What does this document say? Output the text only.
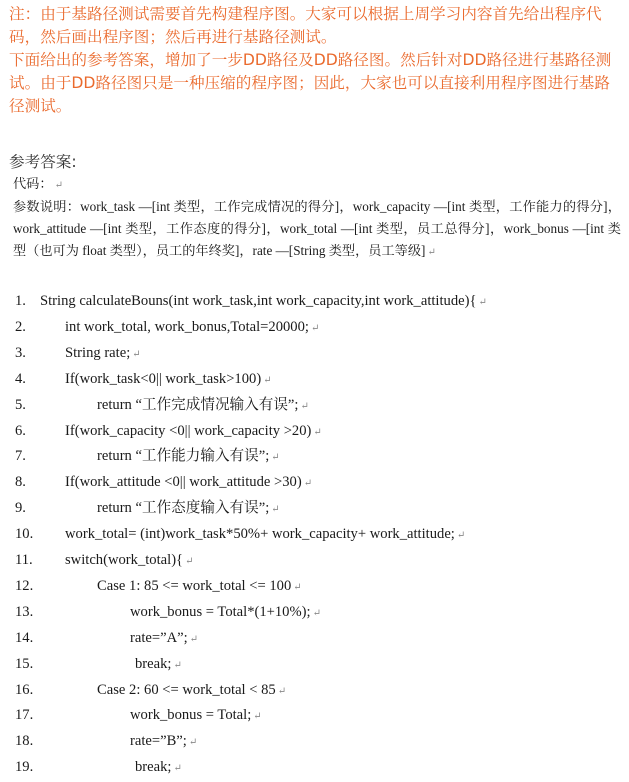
注：由于基路径测试需要首先构建程序图。大家可以根据上周学习内容首先给出程序代码，然后画出程序图；然后再进行基路径测试。

下面给出的参考答案，增加了一步DD路径及DD路径图。然后针对DD路径进行基路径测试。由于DD路径图只是一种压缩的程序图；因此，大家也可以直接利用程序图进行基路径测试。

参考答案:
代码： ↵
参数说明：work_task —[int 类型，工作完成情况的得分]，work_capacity —[int 类型，工作能力的得分]，work_attitude —[int 类型，工作态度的得分]，work_total —[int 类型，员工总得分]，work_bonus —[int 类型（也可为 float 类型），员工的年终奖]，rate —[String 类型，员工等级] ↵
1. String calculateBouns(int work_task,int work_capacity,int work_attitude){ ↵
2.	int work_total, work_bonus,Total=20000; ↵
3.	String rate; ↵
4.	If(work_task<0|| work_task>100) ↵
5.	return “工作完成情况输入有误”; ↵
6.	If(work_capacity <0|| work_capacity >20) ↵
7.	return “工作能力输入有误”; ↵
8.	If(work_attitude <0|| work_attitude >30) ↵
9.	return “工作态度输入有误”; ↵
10.	work_total= (int)work_task*50%+ work_capacity+ work_attitude; ↵
11.	switch(work_total){ ↵
12.	Case 1: 85 <= work_total <= 100 ↵
13.	work_bonus = Total*(1+10%); ↵
14.	rate=”A”; ↵
15.	break; ↵
16.	Case 2: 60 <= work_total < 85 ↵
17.	work_bonus = Total; ↵
18.	rate=”B”; ↵
19.	break; ↵
